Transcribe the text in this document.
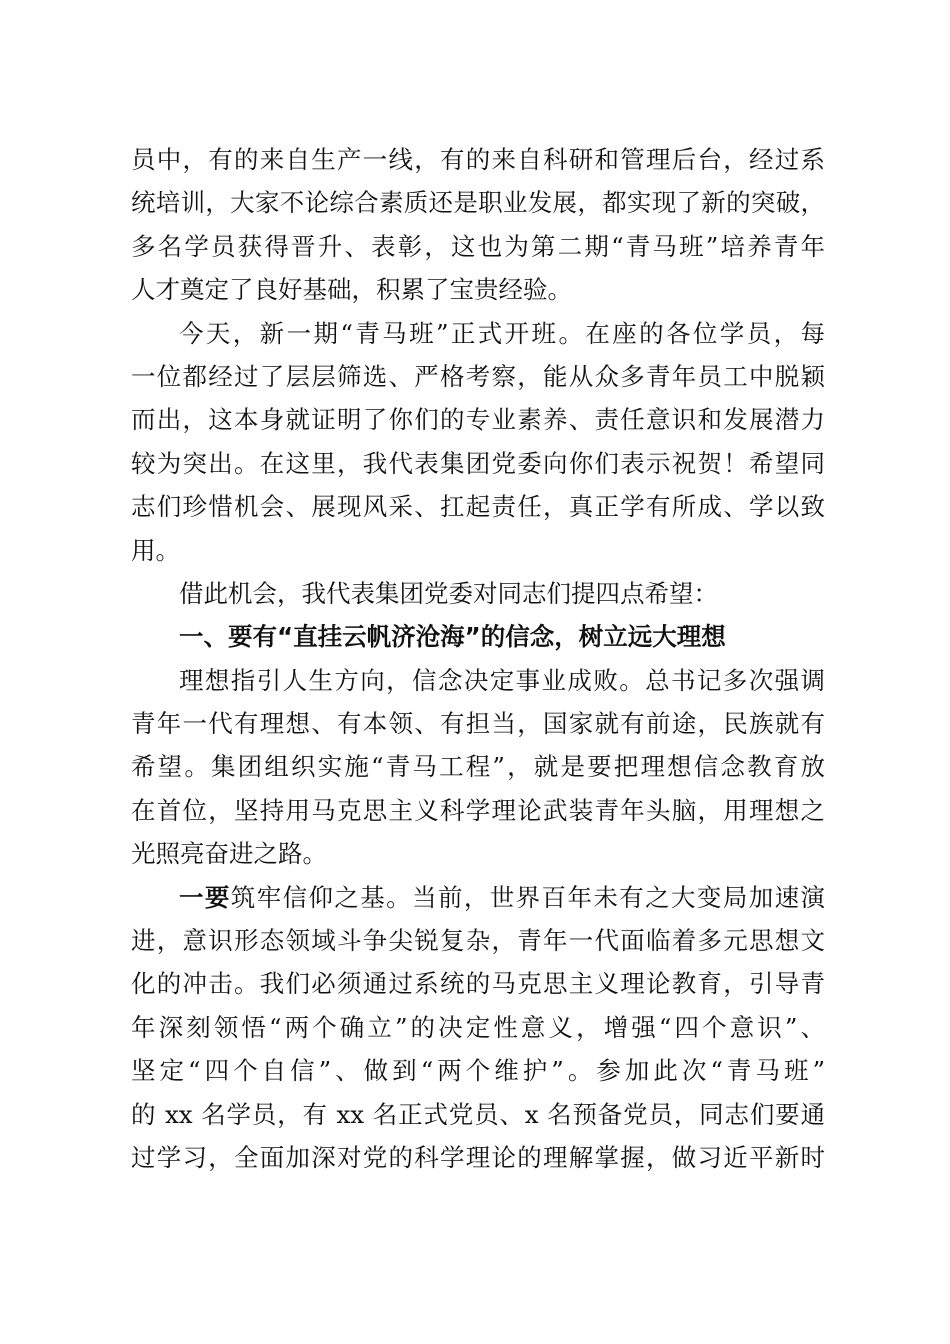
员中，有的来自生产一线，有的来自科研和管理后台，经过系
统培训，大家不论综合素质还是职业发展，都实现了新的突破，
多名学员获得晋升、表彰，这也为第二期“青马班”培养青年
人才奠定了良好基础，积累了宝贵经验。
今天，新一期“青马班”正式开班。在座的各位学员，每
一位都经过了层层筛选、严格考察，能从众多青年员工中脱颖
而出，这本身就证明了你们的专业素养、责任意识和发展潜力
较为突出。在这里，我代表集团党委向你们表示祝贺！希望同
志们珍惜机会、展现风采、扛起责任，真正学有所成、学以致
用。
借此机会，我代表集团党委对同志们提四点希望：
一、要有“直挂云帆济沧海”的信念，树立远大理想
理想指引人生方向，信念决定事业成败。总书记多次强调
青年一代有理想、有本领、有担当，国家就有前途，民族就有
希望。集团组织实施“青马工程”，就是要把理想信念教育放
在首位，坚持用马克思主义科学理论武装青年头脑，用理想之
光照亮奋进之路。
一要筑牢信仰之基。当前，世界百年未有之大变局加速演
进，意识形态领域斗争尖锐复杂，青年一代面临着多元思想文
化的冲击。我们必须通过系统的马克思主义理论教育，引导青
年深刻领悟“两个确立”的决定性意义，增强“四个意识”、
坚定“四个自信”、做到“两个维护”。参加此次“青马班”
的 xx 名学员，有 xx 名正式党员、x 名预备党员，同志们要通
过学习，全面加深对党的科学理论的理解掌握，做习近平新时
